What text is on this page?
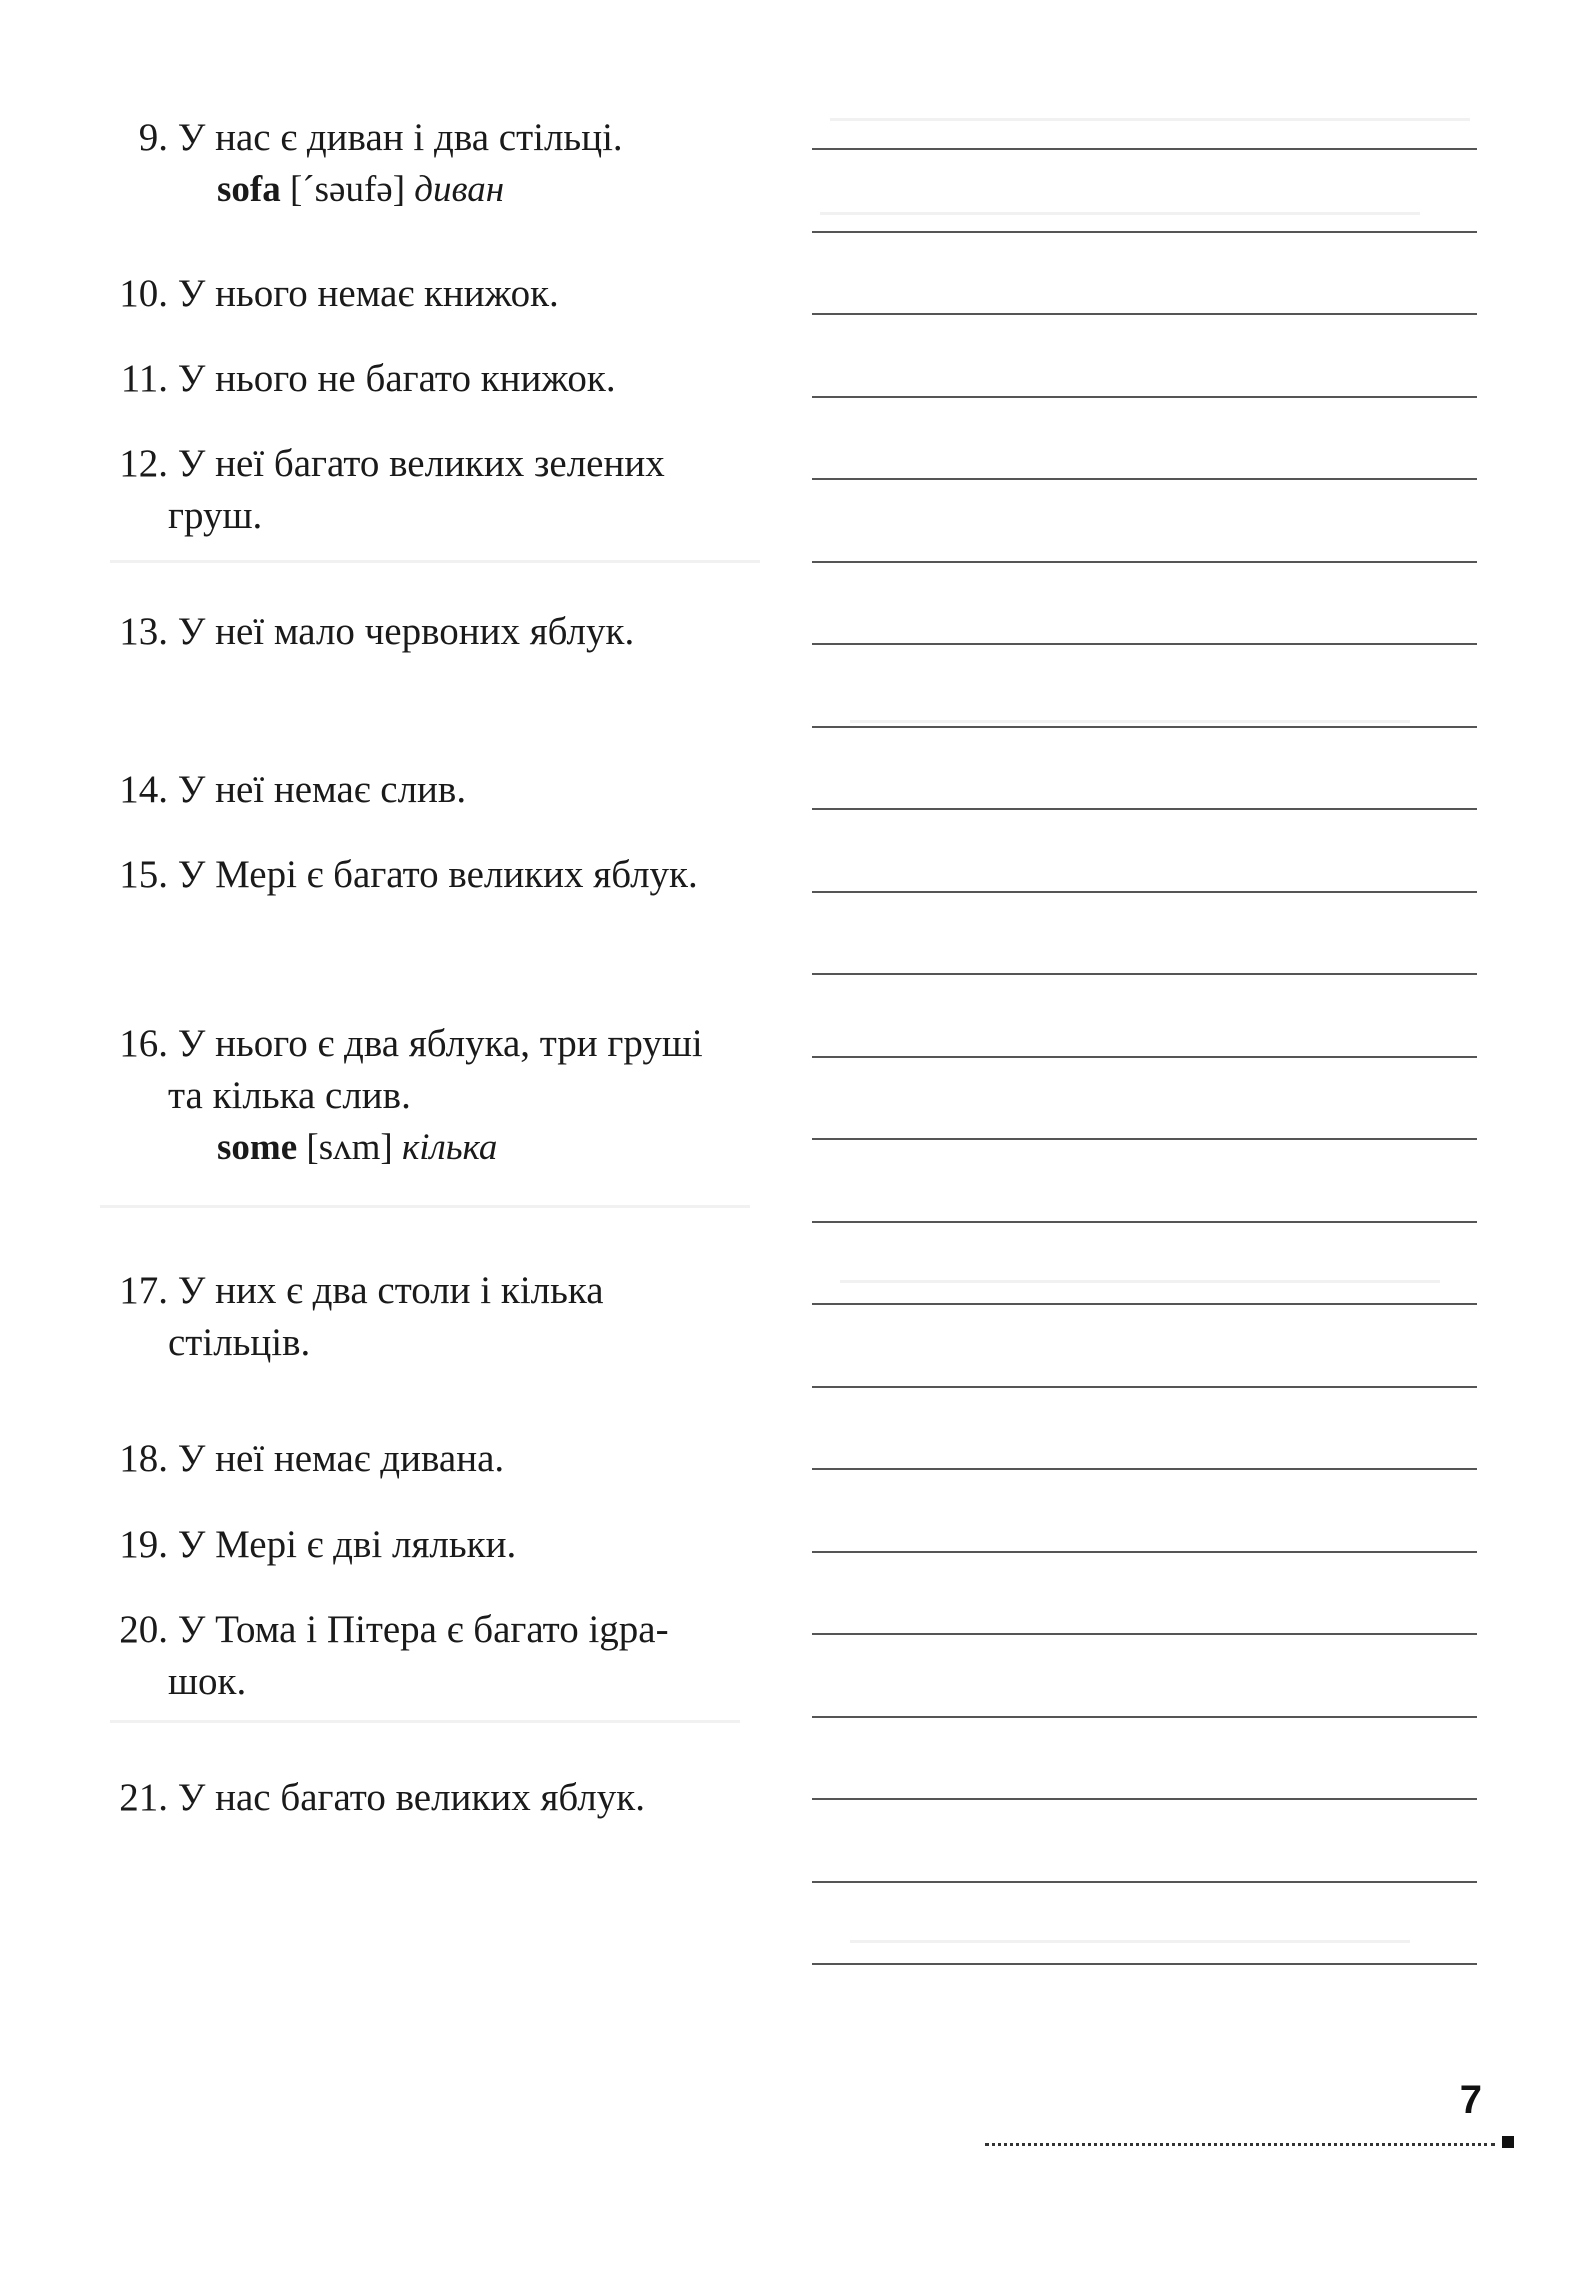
9. У нас є диван і два стільці.
sofa [´səufə] диван
10. У нього немає книжок.
11. У нього не багато книжок.
12. У неї багато великих зелених
груш.
13. У неї мало червоних яблук.
14. У неї немає слив.
15. У Мері є багато великих яблук.
16. У нього є два яблука, три груші
та кілька слив.
some [sʌm] кілька
17. У них є два столи і кілька
стільців.
18. У неї немає дивана.
19. У Мері є дві ляльки.
20. У Тома і Пітера є багато igра-
шок.
21. У нас багато великих яблук.
7
